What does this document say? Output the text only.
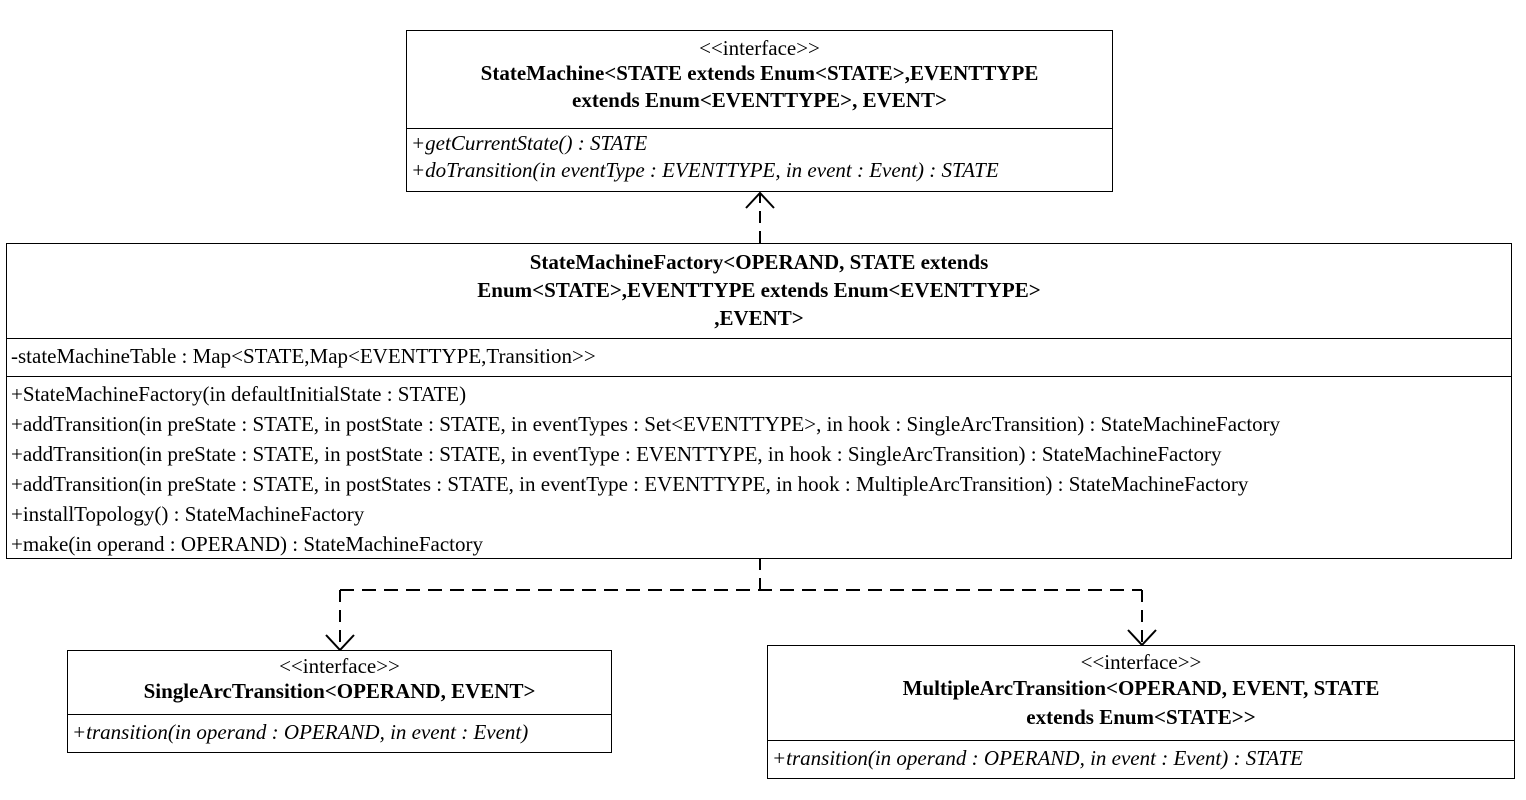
<<interface>>
StateMachine<STATE extends Enum<STATE>,EVENTTYPE
extends Enum<EVENTTYPE>, EVENT>
+getCurrentState() : STATE
+doTransition(in eventType : EVENTTYPE, in event : Event) : STATE
StateMachineFactory<OPERAND, STATE extends
Enum<STATE>,EVENTTYPE extends Enum<EVENTTYPE>
,EVENT>
-stateMachineTable : Map<STATE,Map<EVENTTYPE,Transition>>
+StateMachineFactory(in defaultInitialState : STATE)
+addTransition(in preState : STATE, in postState : STATE, in eventTypes : Set<EVENTTYPE>, in hook : SingleArcTransition) : StateMachineFactory
+addTransition(in preState : STATE, in postState : STATE, in eventType : EVENTTYPE, in hook : SingleArcTransition) : StateMachineFactory
+addTransition(in preState : STATE, in postStates : STATE, in eventType : EVENTTYPE, in hook : MultipleArcTransition) : StateMachineFactory
+installTopology() : StateMachineFactory
+make(in operand : OPERAND) : StateMachineFactory
<<interface>>
SingleArcTransition<OPERAND, EVENT>
+transition(in operand : OPERAND, in event : Event)
<<interface>>
MultipleArcTransition<OPERAND, EVENT, STATE
extends Enum<STATE>>
+transition(in operand : OPERAND, in event : Event) : STATE
